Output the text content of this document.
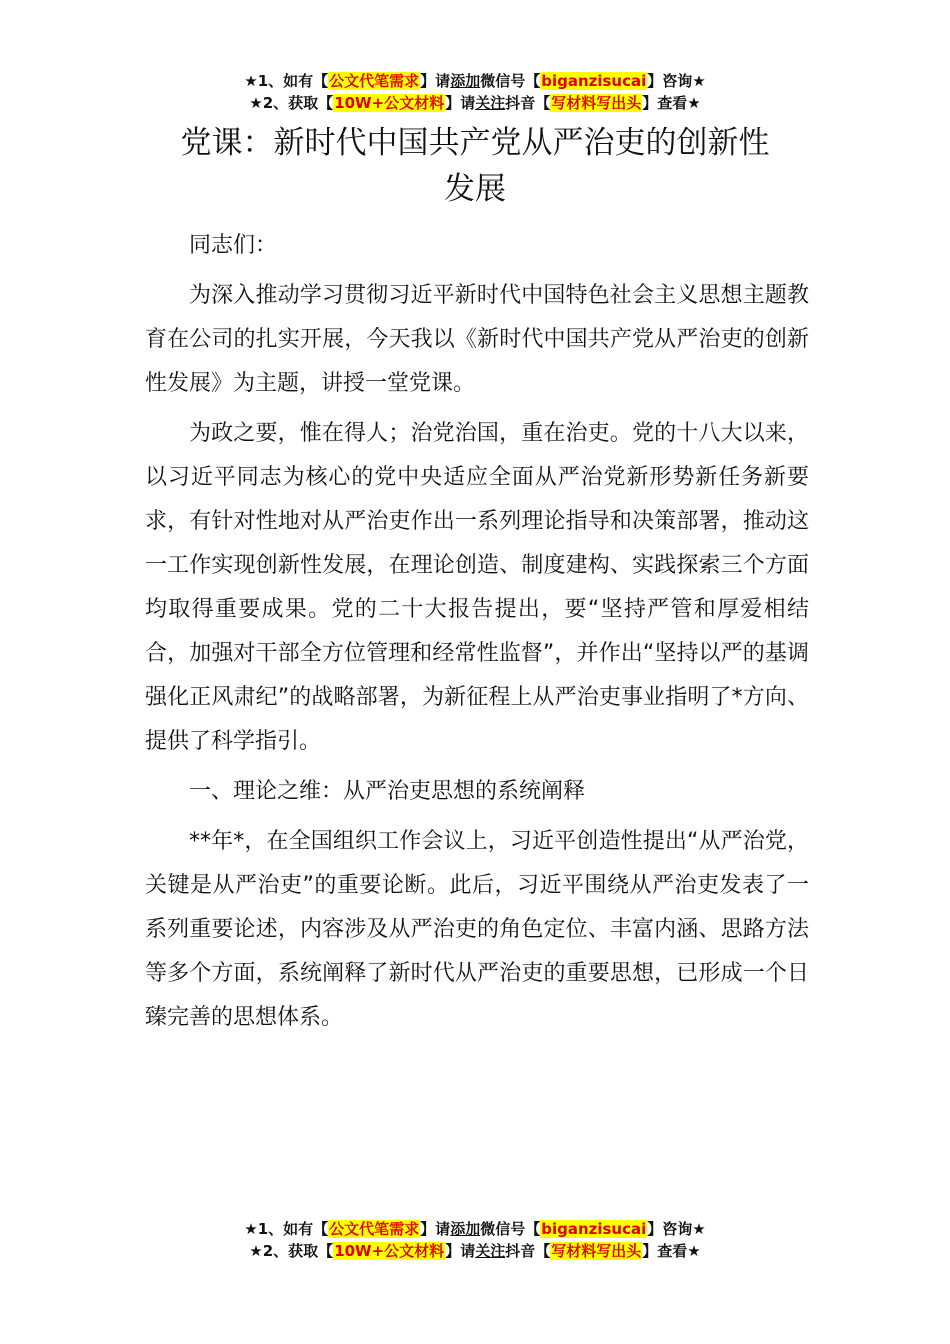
★1、如有【公文代笔需求】请添加微信号【biganzisucai】咨询★
★2、获取【10W+公文材料】请关注抖音【写材料写出头】查看★
党课：新时代中国共产党从严治吏的创新性
发展

同志们：

为深入推动学习贯彻习近平新时代中国特色社会主义思想主题教育在公司的扎实开展，今天我以《新时代中国共产党从严治吏的创新性发展》为主题，讲授一堂党课。

为政之要，惟在得人；治党治国，重在治吏。党的十八大以来，以习近平同志为核心的党中央适应全面从严治党新形势新任务新要求，有针对性地对从严治吏作出一系列理论指导和决策部署，推动这一工作实现创新性发展，在理论创造、制度建构、实践探索三个方面均取得重要成果。党的二十大报告提出，要“坚持严管和厚爱相结合，加强对干部全方位管理和经常性监督”，并作出“坚持以严的基调强化正风肃纪”的战略部署，为新征程上从严治吏事业指明了*方向、提供了科学指引。

一、理论之维：从严治吏思想的系统阐释

**年*，在全国组织工作会议上，习近平创造性提出“从严治党，关键是从严治吏”的重要论断。此后，习近平围绕从严治吏发表了一系列重要论述，内容涉及从严治吏的角色定位、丰富内涵、思路方法等多个方面，系统阐释了新时代从严治吏的重要思想，已形成一个日臻完善的思想体系。

★1、如有【公文代笔需求】请添加微信号【biganzisucai】咨询★
★2、获取【10W+公文材料】请关注抖音【写材料写出头】查看★
